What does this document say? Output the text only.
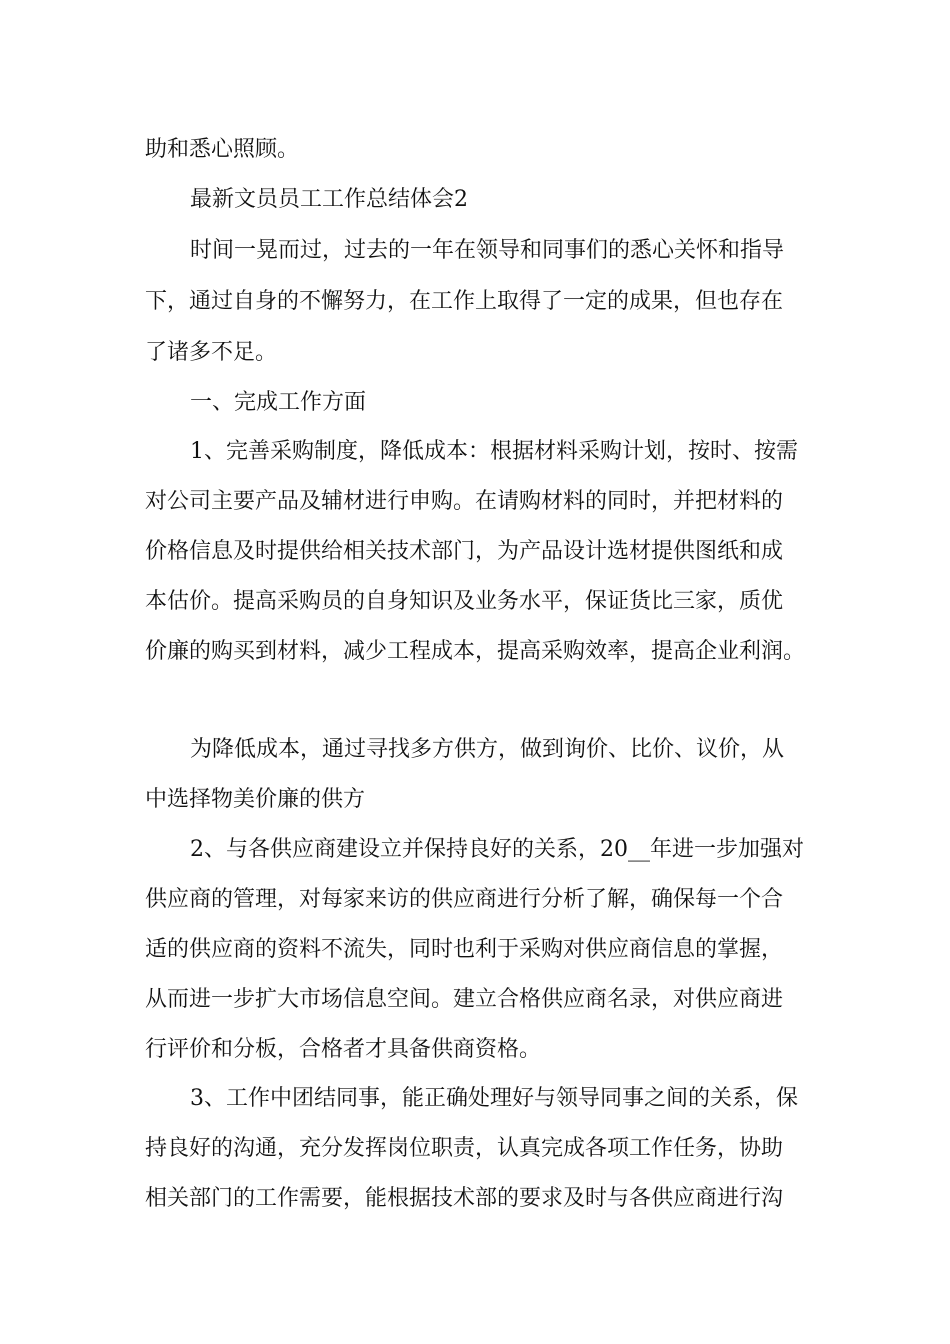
助和悉心照顾。
最新文员员工工作总结体会2
时间一晃而过，过去的一年在领导和同事们的悉心关怀和指导
下，通过自身的不懈努力，在工作上取得了一定的成果，但也存在
了诸多不足。
一、完成工作方面
1、完善采购制度，降低成本：根据材料采购计划，按时、按需
对公司主要产品及辅材进行申购。在请购材料的同时，并把材料的
价格信息及时提供给相关技术部门，为产品设计选材提供图纸和成
本估价。提高采购员的自身知识及业务水平，保证货比三家，质优
价廉的购买到材料，减少工程成本，提高采购效率，提高企业利润。
为降低成本，通过寻找多方供方，做到询价、比价、议价，从
中选择物美价廉的供方
2、与各供应商建设立并保持良好的关系，20__年进一步加强对
供应商的管理，对每家来访的供应商进行分析了解，确保每一个合
适的供应商的资料不流失，同时也利于采购对供应商信息的掌握，
从而进一步扩大市场信息空间。建立合格供应商名录，对供应商进
行评价和分板，合格者才具备供商资格。
3、工作中团结同事，能正确处理好与领导同事之间的关系，保
持良好的沟通，充分发挥岗位职责，认真完成各项工作任务，协助
相关部门的工作需要，能根据技术部的要求及时与各供应商进行沟
